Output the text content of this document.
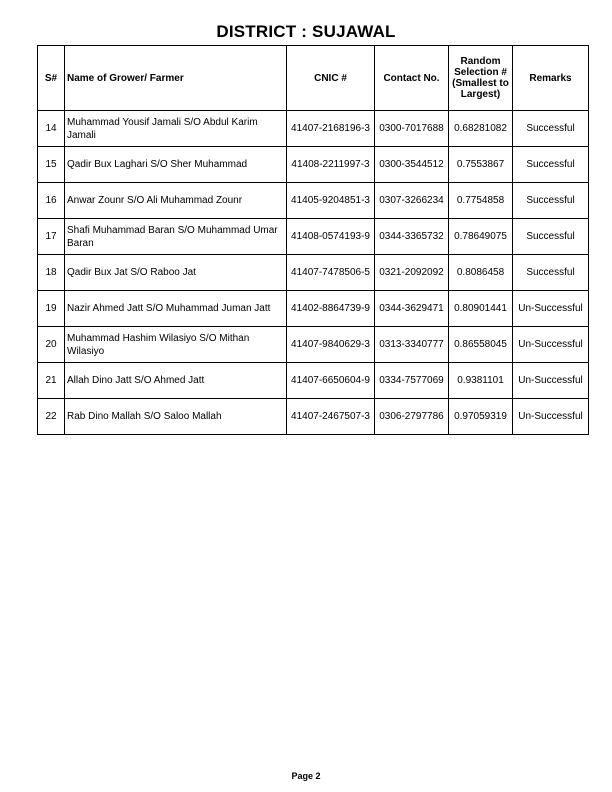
DISTRICT : SUJAWAL
S#	Name of Grower/ Farmer	CNIC #	Contact No.	Random Selection # (Smallest to Largest)	Remarks
14	Muhammad Yousif Jamali S/O Abdul Karim Jamali	41407-2168196-3	0300-7017688	0.68281082	Successful
15	Qadir Bux Laghari S/O Sher Muhammad	41408-2211997-3	0300-3544512	0.7553867	Successful
16	Anwar Zounr S/O Ali Muhammad Zounr	41405-9204851-3	0307-3266234	0.7754858	Successful
17	Shafi Muhammad Baran S/O Muhammad Umar Baran	41408-0574193-9	0344-3365732	0.78649075	Successful
18	Qadir Bux Jat S/O Raboo Jat	41407-7478506-5	0321-2092092	0.8086458	Successful
19	Nazir Ahmed Jatt S/O Muhammad Juman Jatt	41402-8864739-9	0344-3629471	0.80901441	Un-Successful
20	Muhammad Hashim Wilasiyo S/O Mithan Wilasiyo	41407-9840629-3	0313-3340777	0.86558045	Un-Successful
21	Allah Dino Jatt S/O Ahmed Jatt	41407-6650604-9	0334-7577069	0.9381101	Un-Successful
22	Rab Dino Mallah S/O Saloo Mallah	41407-2467507-3	0306-2797786	0.97059319	Un-Successful
Page 2
